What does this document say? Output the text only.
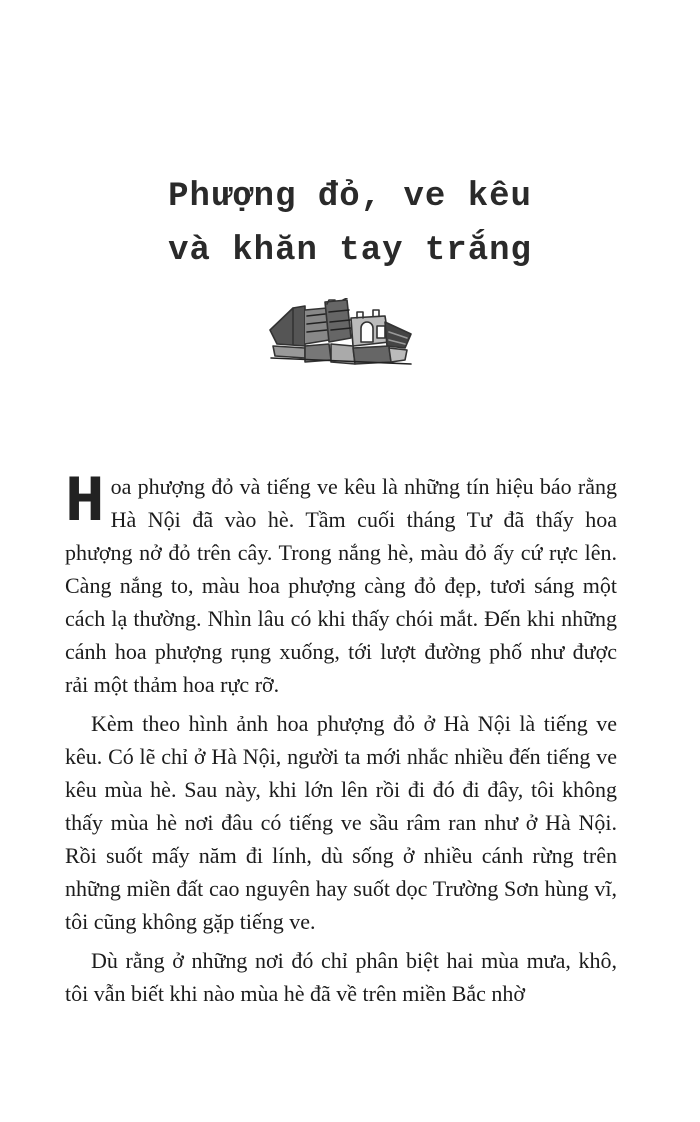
Phượng đỏ, ve kêu
và khăn tay trắng

Hoa phượng đỏ và tiếng ve kêu là những tín hiệu báo rằng Hà Nội đã vào hè. Tầm cuối tháng Tư đã thấy hoa phượng nở đỏ trên cây. Trong nắng hè, màu đỏ ấy cứ rực lên. Càng nắng to, màu hoa phượng càng đỏ đẹp, tươi sáng một cách lạ thường. Nhìn lâu có khi thấy chói mắt. Đến khi những cánh hoa phượng rụng xuống, tới lượt đường phố như được rải một thảm hoa rực rỡ.

Kèm theo hình ảnh hoa phượng đỏ ở Hà Nội là tiếng ve kêu. Có lẽ chỉ ở Hà Nội, người ta mới nhắc nhiều đến tiếng ve kêu mùa hè. Sau này, khi lớn lên rồi đi đó đi đây, tôi không thấy mùa hè nơi đâu có tiếng ve sầu râm ran như ở Hà Nội. Rồi suốt mấy năm đi lính, dù sống ở nhiều cánh rừng trên những miền đất cao nguyên hay suốt dọc Trường Sơn hùng vĩ, tôi cũng không gặp tiếng ve.

Dù rằng ở những nơi đó chỉ phân biệt hai mùa mưa, khô, tôi vẫn biết khi nào mùa hè đã về trên miền Bắc nhờ
